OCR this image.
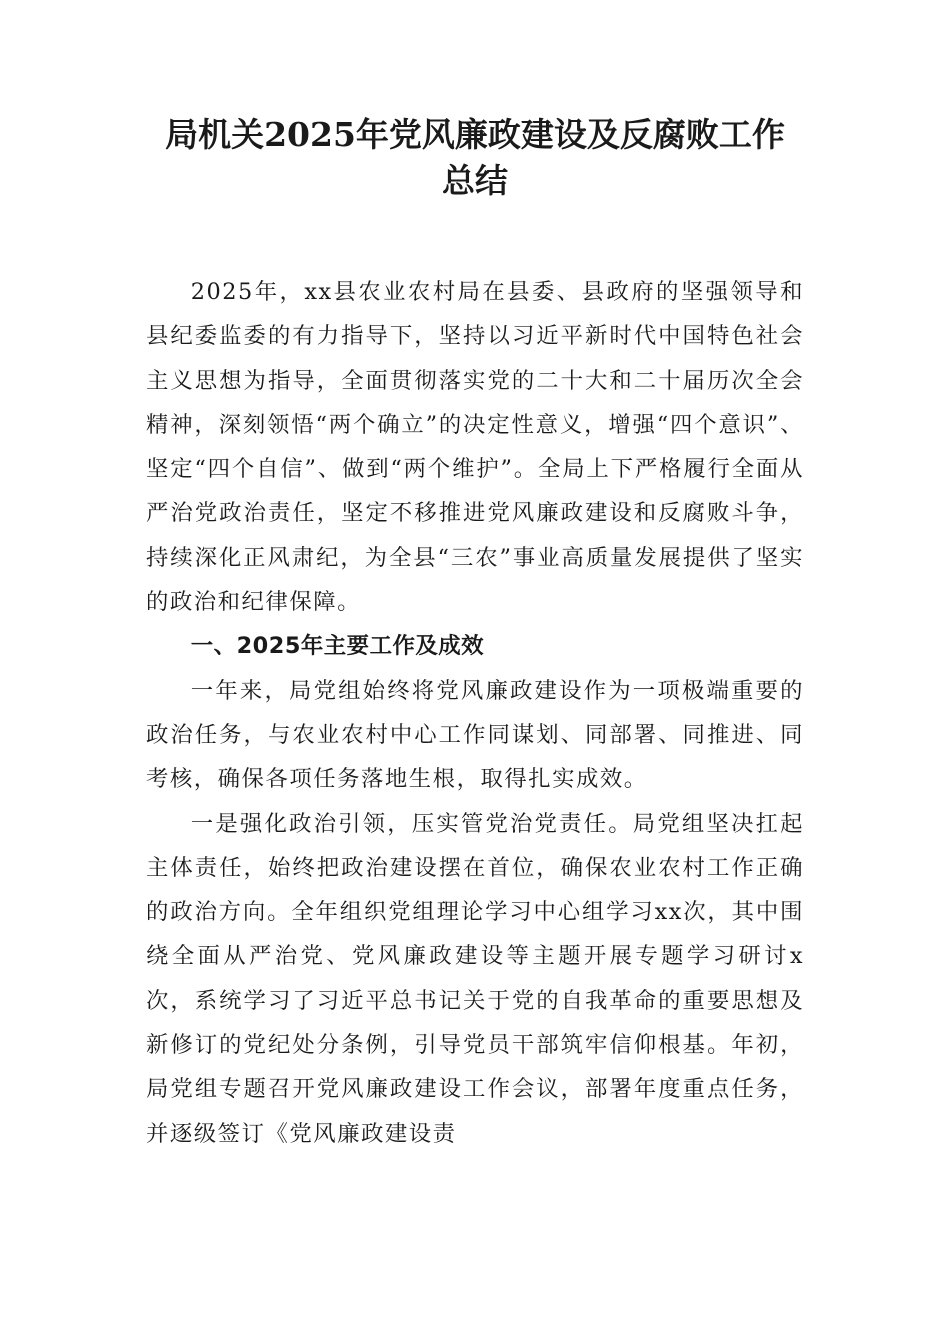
局机关2025年党风廉政建设及反腐败工作
总结

2025年，xx县农业农村局在县委、县政府的坚强领导和县纪委监委的有力指导下，坚持以习近平新时代中国特色社会主义思想为指导，全面贯彻落实党的二十大和二十届历次全会精神，深刻领悟“两个确立”的决定性意义，增强“四个意识”、坚定“四个自信”、做到“两个维护”。全局上下严格履行全面从严治党政治责任，坚定不移推进党风廉政建设和反腐败斗争，持续深化正风肃纪，为全县“三农”事业高质量发展提供了坚实的政治和纪律保障。

一、2025年主要工作及成效

一年来，局党组始终将党风廉政建设作为一项极端重要的政治任务，与农业农村中心工作同谋划、同部署、同推进、同考核，确保各项任务落地生根，取得扎实成效。

一是强化政治引领，压实管党治党责任。局党组坚决扛起主体责任，始终把政治建设摆在首位，确保农业农村工作正确的政治方向。全年组织党组理论学习中心组学习xx次，其中围绕全面从严治党、党风廉政建设等主题开展专题学习研讨x次，系统学习了习近平总书记关于党的自我革命的重要思想及新修订的党纪处分条例，引导党员干部筑牢信仰根基。年初，局党组专题召开党风廉政建设工作会议，部署年度重点任务，并逐级签订《党风廉政建设责
